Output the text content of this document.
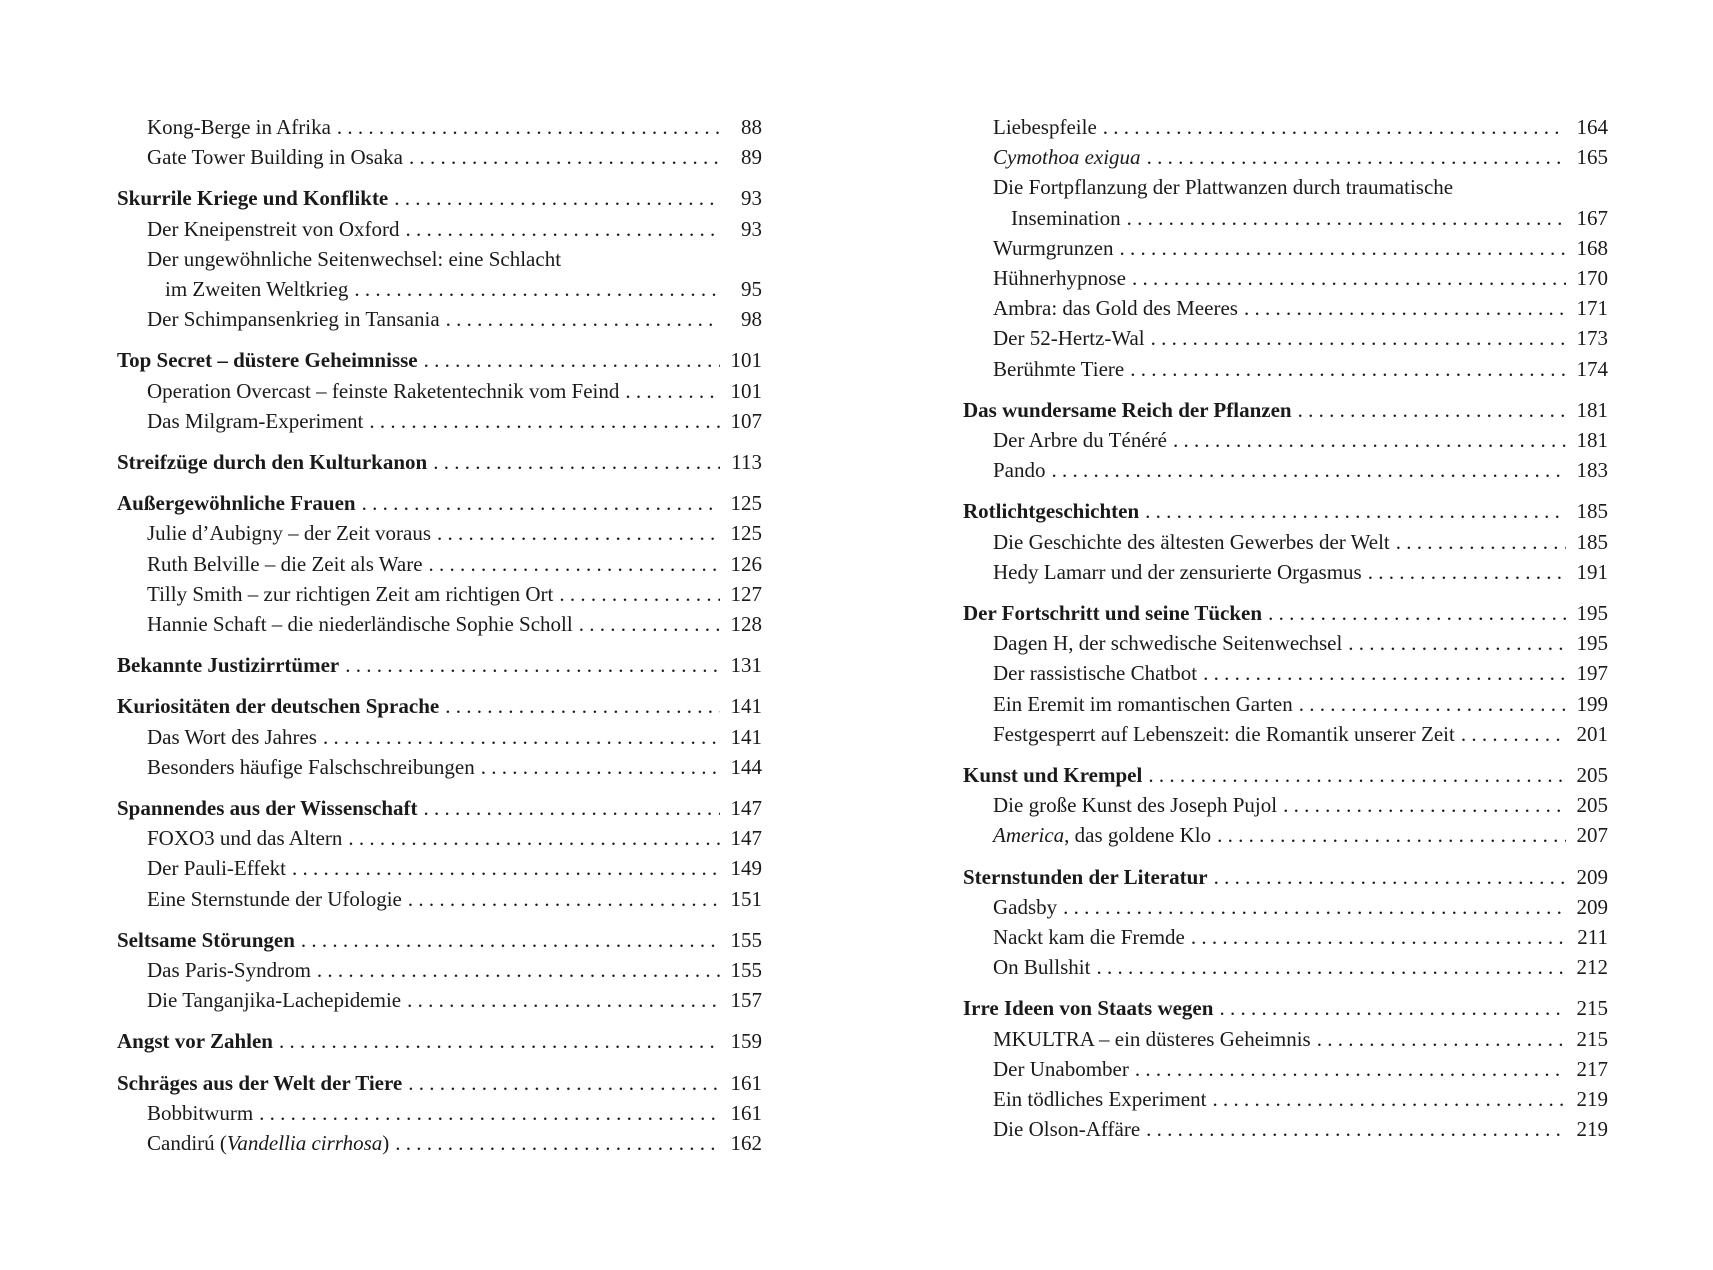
Kong-Berge in Afrika . . .	88
Gate Tower Building in Osaka . . .	89
Skurrile Kriege und Konflikte . . .	93
Der Kneipenstreit von Oxford . . .	93
Der ungewöhnliche Seitenwechsel: eine Schlacht
im Zweiten Weltkrieg . . .	95
Der Schimpansenkrieg in Tansania . . .	98
Top Secret – düstere Geheimnisse . . .	101
Operation Overcast – feinste Raketentechnik vom Feind . . .	101
Das Milgram-Experiment . . .	107
Streifzüge durch den Kulturkanon . . .	113
Außergewöhnliche Frauen . . .	125
Julie d’Aubigny – der Zeit voraus . . .	125
Ruth Belville – die Zeit als Ware . . .	126
Tilly Smith – zur richtigen Zeit am richtigen Ort . . .	127
Hannie Schaft – die niederländische Sophie Scholl . . .	128
Bekannte Justizirrtümer . . .	131
Kuriositäten der deutschen Sprache . . .	141
Das Wort des Jahres . . .	141
Besonders häufige Falschschreibungen . . .	144
Spannendes aus der Wissenschaft . . .	147
FOXO3 und das Altern . . .	147
Der Pauli-Effekt . . .	149
Eine Sternstunde der Ufologie . . .	151
Seltsame Störungen . . .	155
Das Paris-Syndrom . . .	155
Die Tanganjika-Lachepidemie . . .	157
Angst vor Zahlen . . .	159
Schräges aus der Welt der Tiere . . .	161
Bobbitwurm . . .	161
Candirú (Vandellia cirrhosa) . . .	162
Liebespfeile . . .	164
Cymothoa exigua . . .	165
Die Fortpflanzung der Plattwanzen durch traumatische
Insemination . . .	167
Wurmgrunzen . . .	168
Hühnerhypnose . . .	170
Ambra: das Gold des Meeres . . .	171
Der 52-Hertz-Wal . . .	173
Berühmte Tiere . . .	174
Das wundersame Reich der Pflanzen . . .	181
Der Arbre du Ténéré . . .	181
Pando . . .	183
Rotlichtgeschichten . . .	185
Die Geschichte des ältesten Gewerbes der Welt . . .	185
Hedy Lamarr und der zensurierte Orgasmus . . .	191
Der Fortschritt und seine Tücken . . .	195
Dagen H, der schwedische Seitenwechsel . . .	195
Der rassistische Chatbot . . .	197
Ein Eremit im romantischen Garten . . .	199
Festgesperrt auf Lebenszeit: die Romantik unserer Zeit . . .	201
Kunst und Krempel . . .	205
Die große Kunst des Joseph Pujol . . .	205
America, das goldene Klo . . .	207
Sternstunden der Literatur . . .	209
Gadsby . . .	209
Nackt kam die Fremde . . .	211
On Bullshit . . .	212
Irre Ideen von Staats wegen . . .	215
MKULTRA – ein düsteres Geheimnis . . .	215
Der Unabomber . . .	217
Ein tödliches Experiment . . .	219
Die Olson-Affäre . . .	219
